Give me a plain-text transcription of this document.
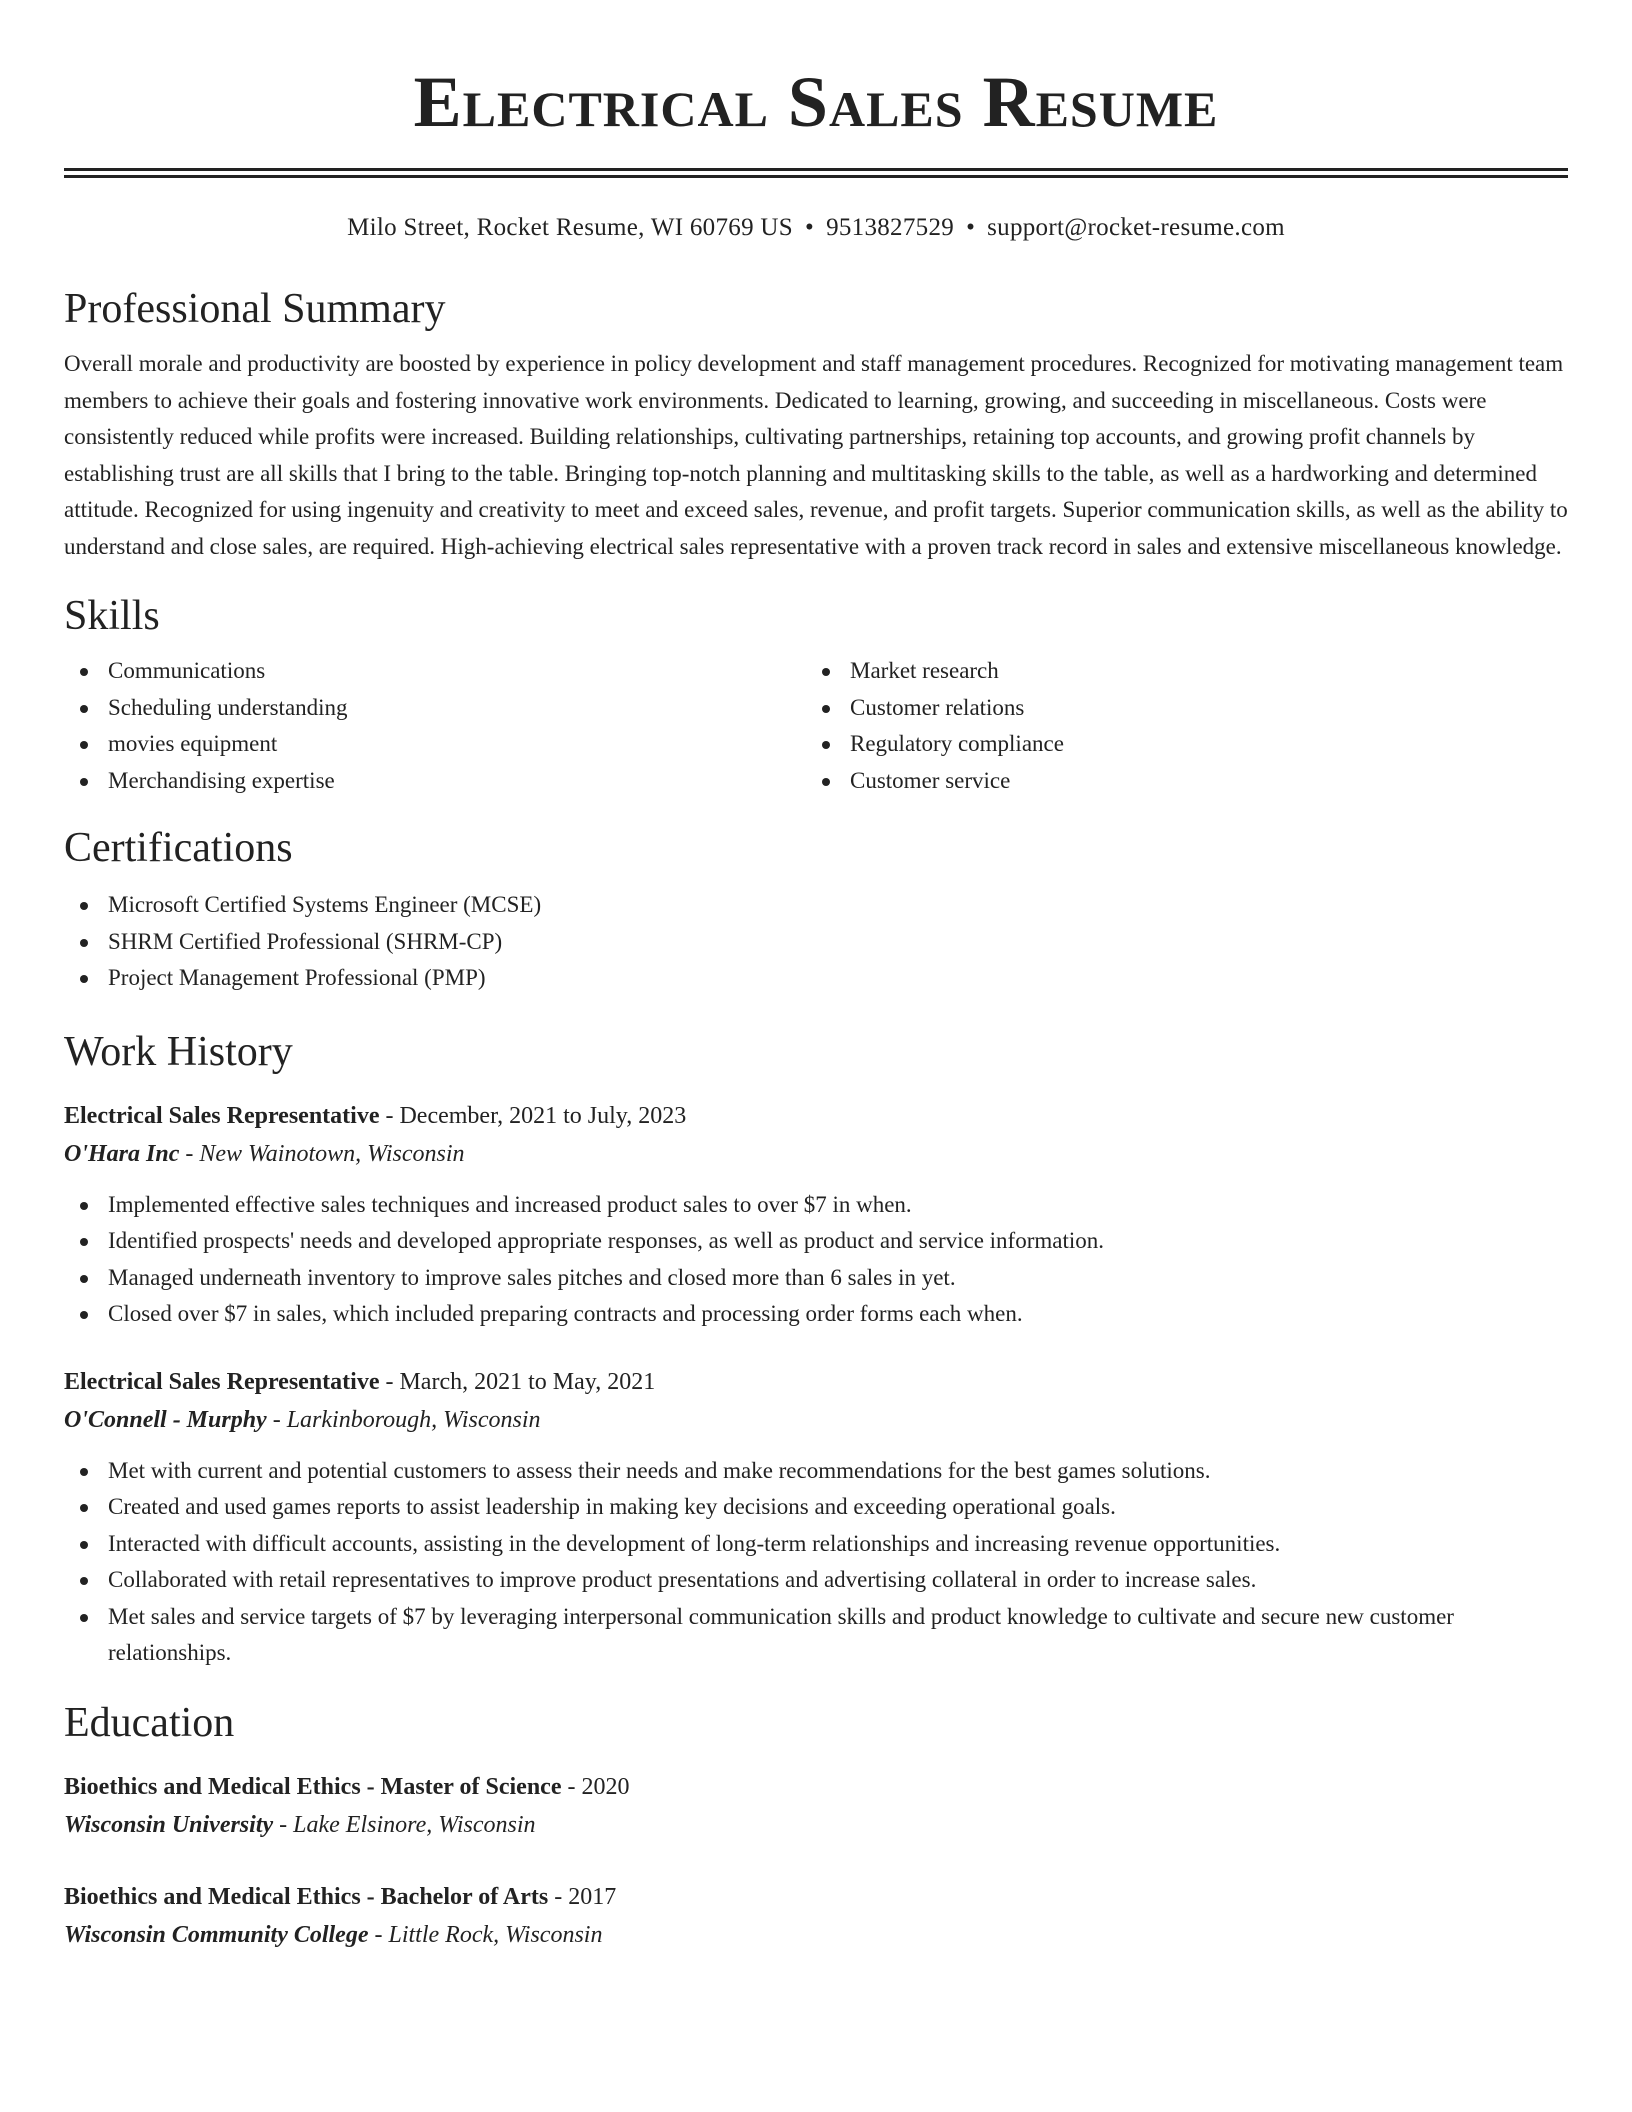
Electrical Sales Resume
Milo Street, Rocket Resume, WI 60769 US • 9513827529 • support@rocket-resume.com
Professional Summary

Overall morale and productivity are boosted by experience in policy development and staff management procedures. Recognized for motivating management team members to achieve their goals and fostering innovative work environments. Dedicated to learning, growing, and succeeding in miscellaneous. Costs were consistently reduced while profits were increased. Building relationships, cultivating partnerships, retaining top accounts, and growing profit channels by establishing trust are all skills that I bring to the table. Bringing top-notch planning and multitasking skills to the table, as well as a hardworking and determined attitude. Recognized for using ingenuity and creativity to meet and exceed sales, revenue, and profit targets. Superior communication skills, as well as the ability to understand and close sales, are required. High-achieving electrical sales representative with a proven track record in sales and extensive miscellaneous knowledge.

Skills
Communications
Scheduling understanding
movies equipment
Merchandising expertise
Market research
Customer relations
Regulatory compliance
Customer service
Certifications
Microsoft Certified Systems Engineer (MCSE)
SHRM Certified Professional (SHRM-CP)
Project Management Professional (PMP)
Work History
Electrical Sales Representative - December, 2021 to July, 2023
O'Hara Inc - New Wainotown, Wisconsin
Implemented effective sales techniques and increased product sales to over $7 in when.
Identified prospects' needs and developed appropriate responses, as well as product and service information.
Managed underneath inventory to improve sales pitches and closed more than 6 sales in yet.
Closed over $7 in sales, which included preparing contracts and processing order forms each when.
Electrical Sales Representative - March, 2021 to May, 2021
O'Connell - Murphy - Larkinborough, Wisconsin
Met with current and potential customers to assess their needs and make recommendations for the best games solutions.
Created and used games reports to assist leadership in making key decisions and exceeding operational goals.
Interacted with difficult accounts, assisting in the development of long-term relationships and increasing revenue opportunities.
Collaborated with retail representatives to improve product presentations and advertising collateral in order to increase sales.
Met sales and service targets of $7 by leveraging interpersonal communication skills and product knowledge to cultivate and secure new customer relationships.
Education
Bioethics and Medical Ethics - Master of Science - 2020
Wisconsin University - Lake Elsinore, Wisconsin
Bioethics and Medical Ethics - Bachelor of Arts - 2017
Wisconsin Community College - Little Rock, Wisconsin
